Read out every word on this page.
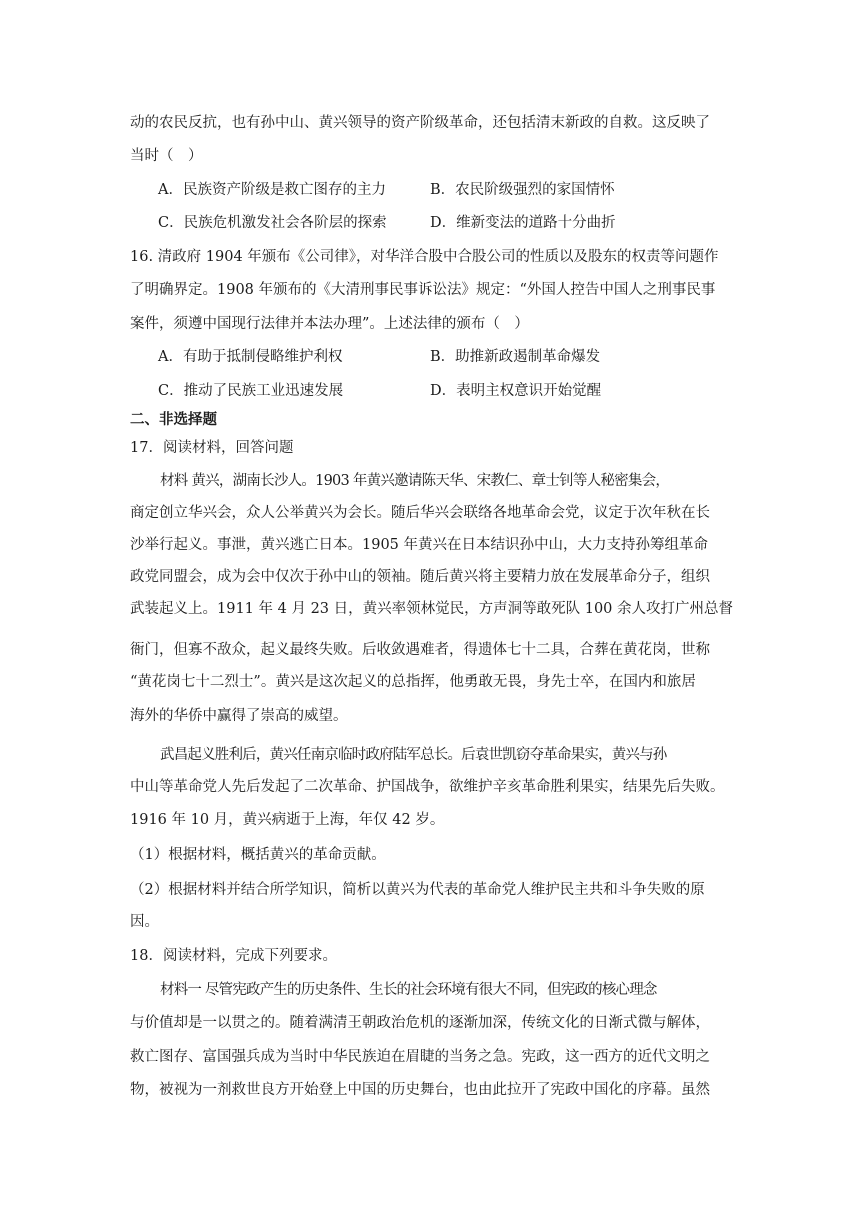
动的农民反抗，也有孙中山、黄兴领导的资产阶级革命，还包括清末新政的自救。这反映了
当时（　）
A．民族资产阶级是救亡图存的主力	B．农民阶级强烈的家国情怀
C．民族危机激发社会各阶层的探索	D．维新变法的道路十分曲折
16. 清政府 1904 年颁布《公司律》，对华洋合股中合股公司的性质以及股东的权责等问题作
了明确界定。1908 年颁布的《大清刑事民事诉讼法》规定：“外国人控告中国人之刑事民事
案件，须遵中国现行法律并本法办理”。上述法律的颁布（　）
A．有助于抵制侵略维护利权	B．助推新政遏制革命爆发
C．推动了民族工业迅速发展	D．表明主权意识开始觉醒
二、非选择题
17．阅读材料，回答问题
材料 黄兴，湖南长沙人。1903 年黄兴邀请陈天华、宋教仁、章士钊等人秘密集会，
商定创立华兴会，众人公举黄兴为会长。随后华兴会联络各地革命会党，议定于次年秋在长
沙举行起义。事泄，黄兴逃亡日本。1905 年黄兴在日本结识孙中山，大力支持孙筹组革命
政党同盟会，成为会中仅次于孙中山的领袖。随后黄兴将主要精力放在发展革命分子，组织
武装起义上。1911 年 4 月 23 日，黄兴率领林觉民，方声洞等敢死队 100 余人攻打广州总督
衙门，但寡不敌众，起义最终失败。后收敛遇难者，得遗体七十二具，合葬在黄花岗，世称
“黄花岗七十二烈士”。黄兴是这次起义的总指挥，他勇敢无畏，身先士卒，在国内和旅居
海外的华侨中赢得了崇高的威望。
武昌起义胜利后，黄兴任南京临时政府陆军总长。后袁世凯窃夺革命果实，黄兴与孙
中山等革命党人先后发起了二次革命、护国战争，欲维护辛亥革命胜利果实，结果先后失败。
1916 年 10 月，黄兴病逝于上海，年仅 42 岁。
（1）根据材料，概括黄兴的革命贡献。
（2）根据材料并结合所学知识，简析以黄兴为代表的革命党人维护民主共和斗争失败的原
因。
18．阅读材料，完成下列要求。
材料一 尽管宪政产生的历史条件、生长的社会环境有很大不同，但宪政的核心理念
与价值却是一以贯之的。随着满清王朝政治危机的逐渐加深，传统文化的日渐式微与解体，
救亡图存、富国强兵成为当时中华民族迫在眉睫的当务之急。宪政，这一西方的近代文明之
物，被视为一剂救世良方开始登上中国的历史舞台，也由此拉开了宪政中国化的序幕。虽然
